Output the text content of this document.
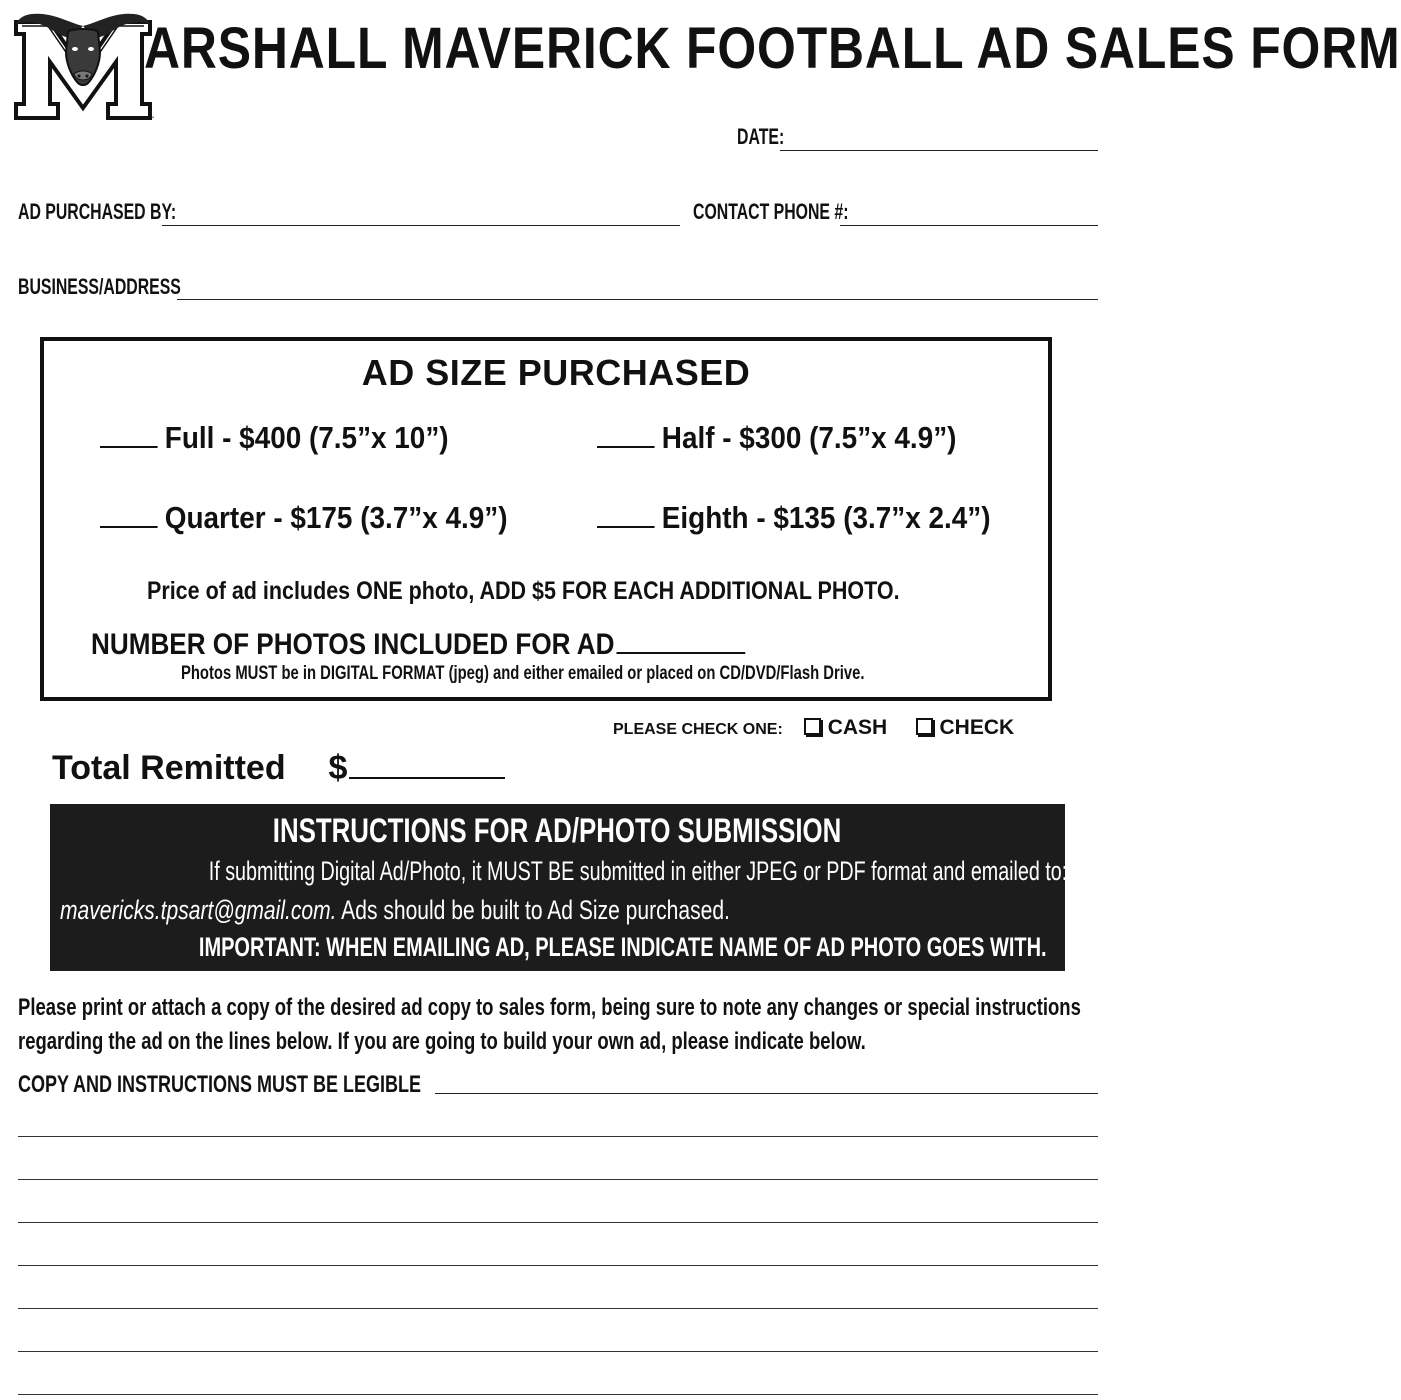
™
ARSHALL MAVERICK FOOTBALL AD SALES FORM
DATE:
AD PURCHASED BY:	CONTACT PHONE #:
BUSINESS/ADDRESS
AD SIZE PURCHASED
Full - $400 (7.5”x 10”)	Half - $300 (7.5”x 4.9”)
Quarter - $175 (3.7”x 4.9”)	Eighth - $135 (3.7”x 2.4”)
Price of ad includes ONE photo, ADD $5 FOR EACH ADDITIONAL PHOTO.
NUMBER OF PHOTOS INCLUDED FOR AD
Photos MUST be in DIGITAL FORMAT (jpeg) and either emailed or placed on CD/DVD/Flash Drive.
PLEASE CHECK ONE: CASH CHECK
Total Remitted $
INSTRUCTIONS FOR AD/PHOTO SUBMISSION
If submitting Digital Ad/Photo, it MUST BE submitted in either JPEG or PDF format and emailed to:
mavericks.tpsart@gmail.com. Ads should be built to Ad Size purchased.
IMPORTANT: WHEN EMAILING AD, PLEASE INDICATE NAME OF AD PHOTO GOES WITH.
Please print or attach a copy of the desired ad copy to sales form, being sure to note any changes or special instructions
regarding the ad on the lines below. If you are going to build your own ad, please indicate below.
COPY AND INSTRUCTIONS MUST BE LEGIBLE
